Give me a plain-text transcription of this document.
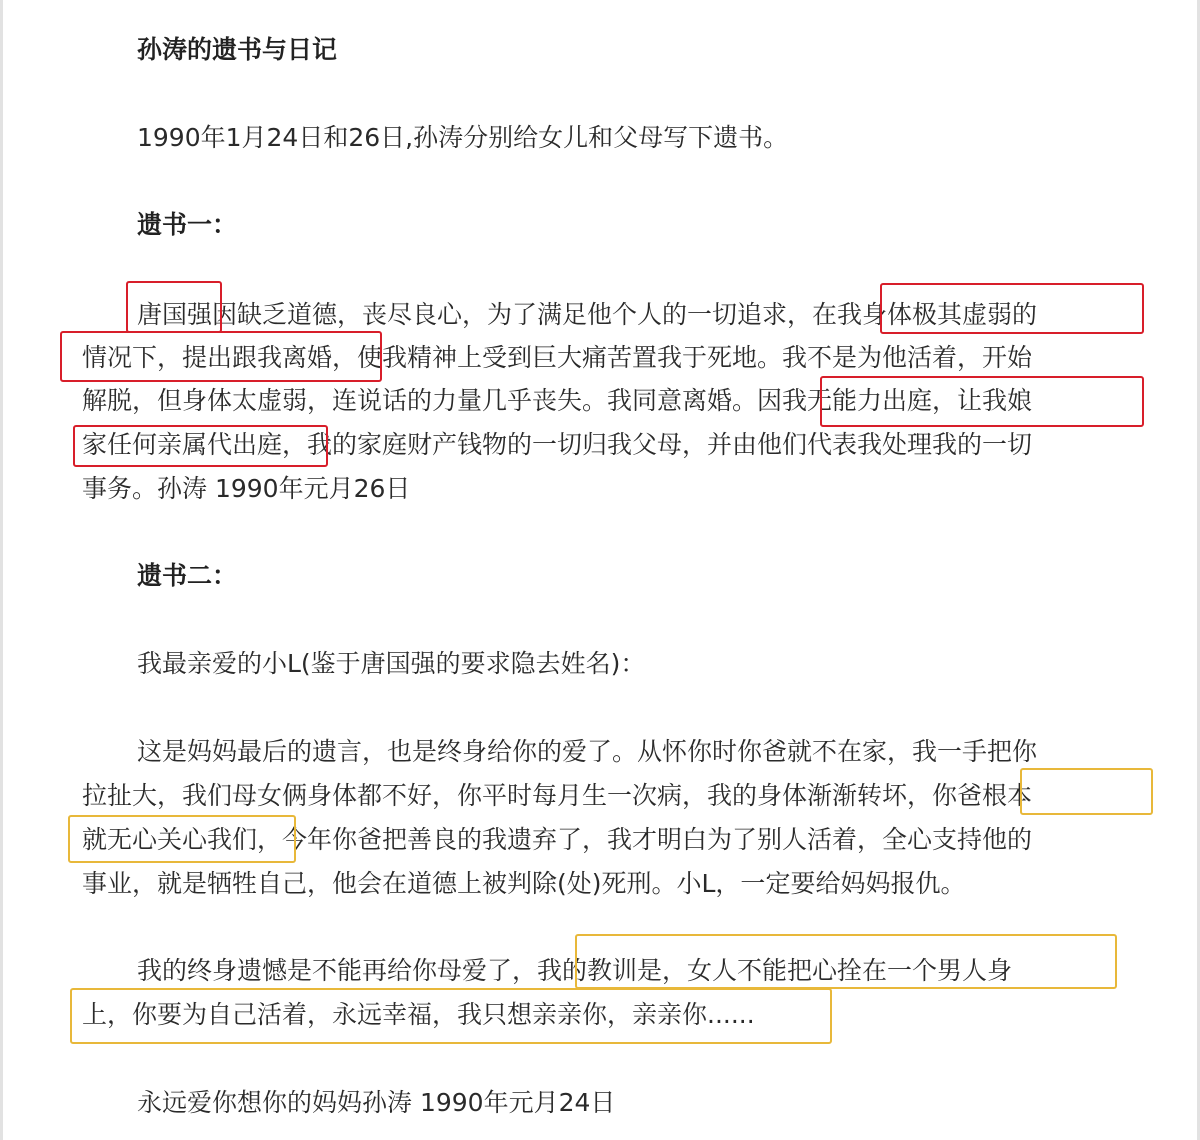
孙涛的遗书与日记
1990年1月24日和26日,孙涛分别给女儿和父母写下遗书。
遗书一：
唐国强因缺乏道德，丧尽良心，为了满足他个人的一切追求，在我身体极其虚弱的
情况下，提出跟我离婚，使我精神上受到巨大痛苦置我于死地。我不是为他活着，开始
解脱，但身体太虚弱，连说话的力量几乎丧失。我同意离婚。因我无能力出庭，让我娘
家任何亲属代出庭，我的家庭财产钱物的一切归我父母，并由他们代表我处理我的一切
事务。孙涛 1990年元月26日
遗书二：
我最亲爱的小L(鉴于唐国强的要求隐去姓名)：
这是妈妈最后的遗言，也是终身给你的爱了。从怀你时你爸就不在家，我一手把你
拉扯大，我们母女俩身体都不好，你平时每月生一次病，我的身体渐渐转坏，你爸根本
就无心关心我们，今年你爸把善良的我遗弃了，我才明白为了别人活着，全心支持他的
事业，就是牺牲自己，他会在道德上被判除(处)死刑。小L，一定要给妈妈报仇。
我的终身遗憾是不能再给你母爱了，我的教训是，女人不能把心拴在一个男人身
上，你要为自己活着，永远幸福，我只想亲亲你，亲亲你......
永远爱你想你的妈妈孙涛 1990年元月24日
